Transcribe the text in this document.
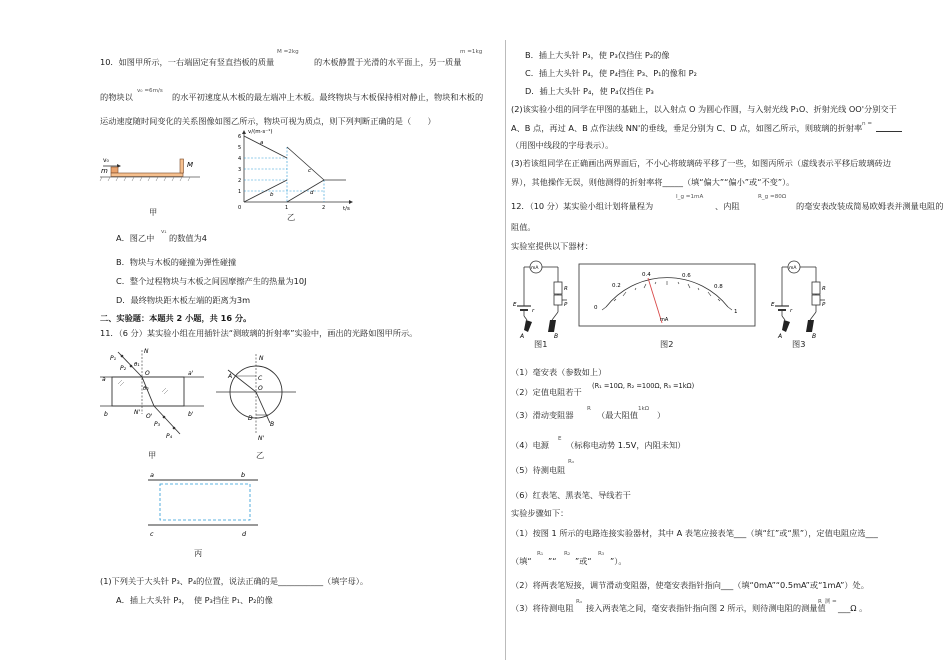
10．如图甲所示，一右端固定有竖直挡板的质量
M =2kg
的木板静置于光滑的水平面上，另一质量
m =1kg
的物块以
v₀ =6m/s
的水平初速度从木板的最左端冲上木板。最终物块与木板保持相对静止，物块和木板的
运动速度随时间变化的关系图像如图乙所示，物块可视为质点，则下列判断正确的是（　　）
v₀
m
M
甲
v/(m·s⁻¹)
t/s
6
5
4
3
2
1
0	1	2
a
b
c
d
乙
A．图乙中
v₁
的数值为4
B．物块与木板的碰撞为弹性碰撞
C．整个过程物块与木板之间因摩擦产生的热量为10J
D．最终物块距木板左端的距离为3m
二、实验题：本题共 2 小题，共 16 分。
11．（6 分）某实验小组在用插针法“测玻璃的折射率”实验中，画出的光路如图甲所示。
P₁
P₂
N
O
θ₁
θ₂
a
a'
b	b'
N'
O'
P₃
P₄
N
A	C
O
D
B
N'
甲	乙
a	b
c	d
丙
(1)下列关于大头针 P₃、P₄的位置，说法正确的是___________（填字母）。
A．插上大头针 P₃，　使 P₃挡住 P₁、P₂的像
B．插上大头针 P₃，使 P₃仅挡住 P₂的像
C．插上大头针 P₄，使 P₄挡住 P₃、P₁的像和 P₂
D．插上大头针 P₄，使 P₄仅挡住 P₃
(2)该实验小组的同学在甲图的基础上，以入射点 O 为圆心作圆，与入射光线 P₁O、折射光线 OO'分别交于
A、B 点，再过 A、B 点作法线 NN'的垂线，垂足分别为 C、D 点，如图乙所示，则玻璃的折射率 n =
（用图中线段的字母表示）。
(3)若该组同学在正确画出两界面后，不小心将玻璃砖平移了一些，如图丙所示（虚线表示平移后玻璃砖边
界），其他操作无误，则他测得的折射率将_____（填“偏大”“偏小”或“不变”）。
12．（10 分）某实验小组计划将量程为
I_g =1mA
、内阻
R_g =80Ω
的毫安表改装成简易欧姆表并测量电阻的
阻值。
实验室提供以下器材：
mA
E
r
R
P
A	B
图1
0
0.2
0.4	0.6
0.8
1
mA
图2
mA
E
r
R
P
A	B
图3
（1）毫安表（参数如上）
（2）定值电阻若干
(R₁ =10Ω, R₂ =100Ω, R₃ =1kΩ)
（3）滑动变阻器
R
（最大阻值
1kΩ
）
（4）电源
E
（标称电动势 1.5V，内阻未知）
（5）待测电阻
Rₓ
（6）红表笔、黑表笔、导线若干
实验步骤如下：
（1）按图 1 所示的电路连接实验器材，其中 A 表笔应接表笔___（填“红”或“黑”），定值电阻应选___
（填“
R₁
”“
R₂
”或“
R₃
”）。
（2）将两表笔短接，调节滑动变阻器，使毫安表指针指向___（填“0mA”“0.5mA”或“1mA”）处。
（3）将待测电阻
Rₓ
接入两表笔之间，毫安表指针指向图 2 所示，则待测电阻的测量值
R_测 =
___Ω 。
